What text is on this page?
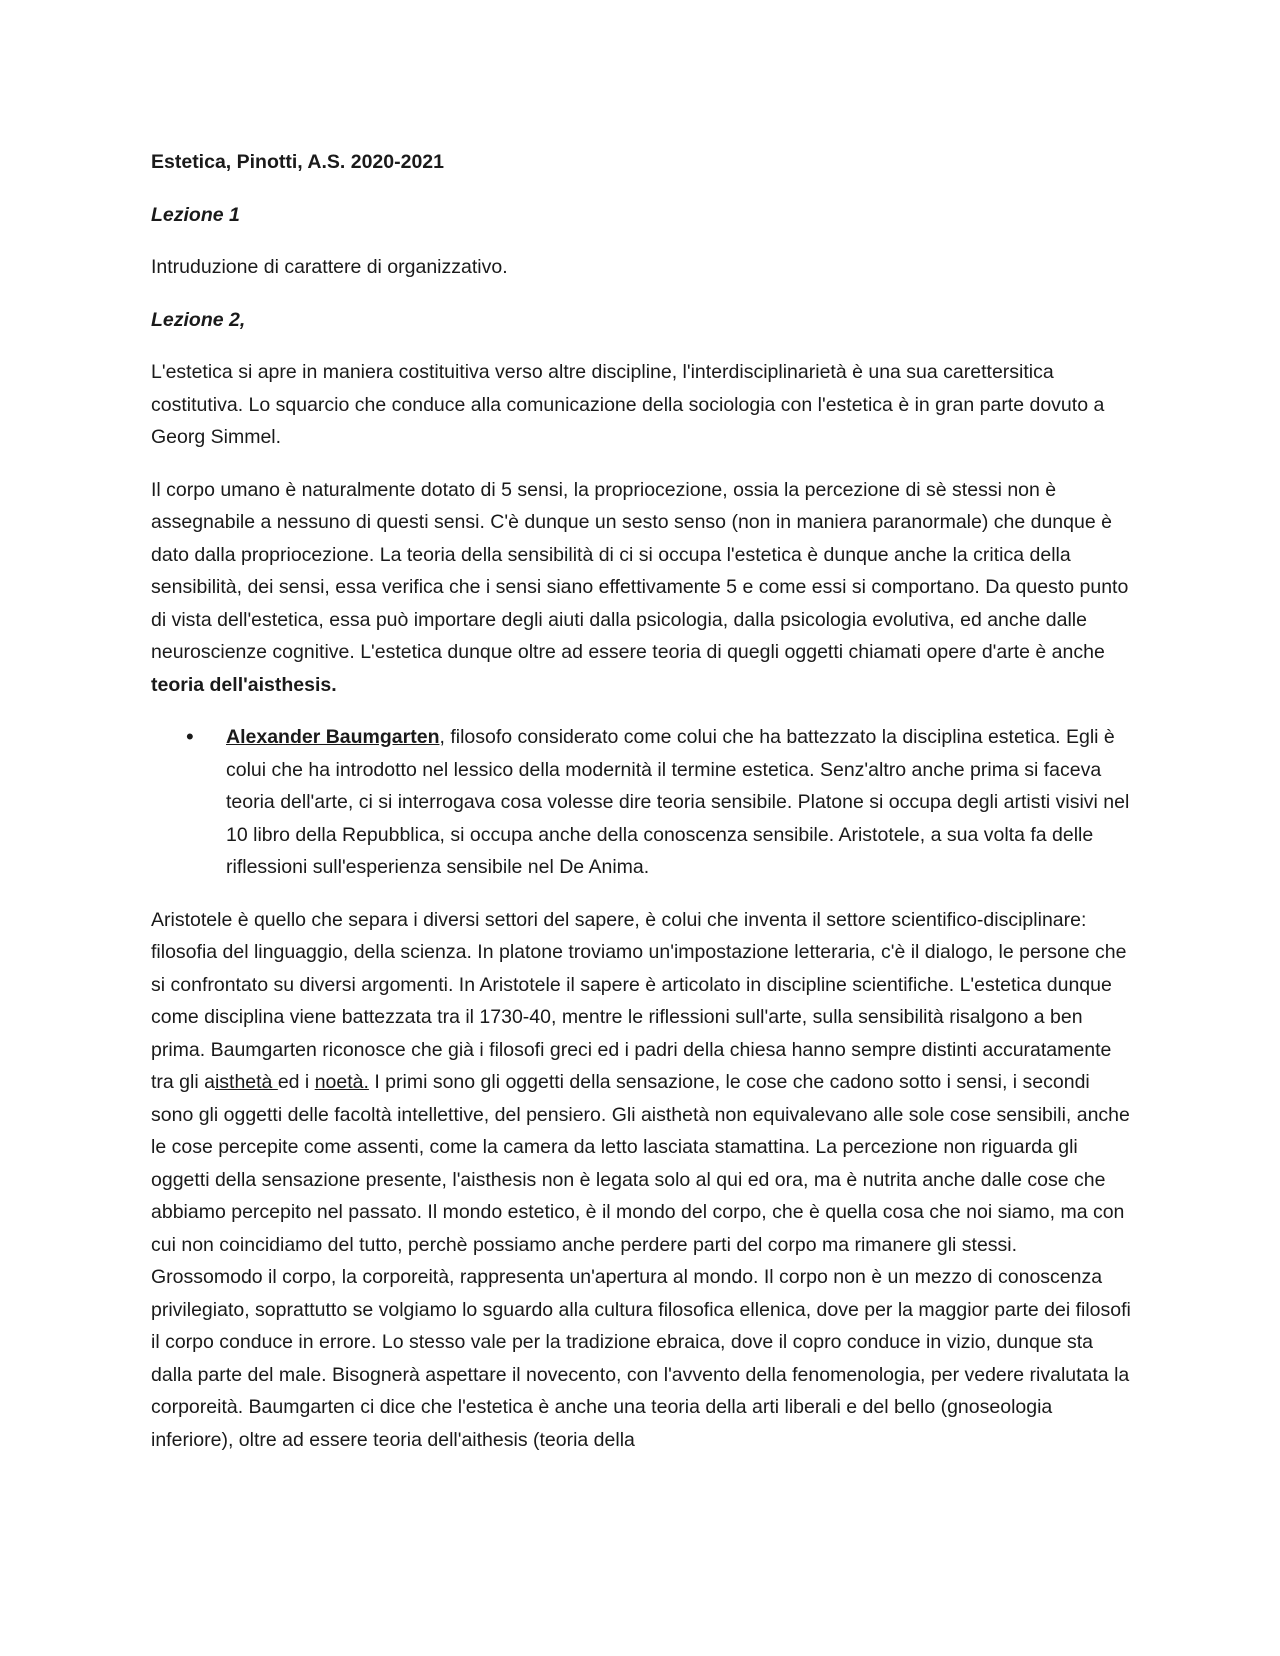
Estetica, Pinotti, A.S. 2020-2021

Lezione 1

Intruduzione di carattere di organizzativo.

Lezione 2,

L'estetica si apre in maniera costituitiva verso altre discipline, l'interdisciplinarietà è una sua carettersitica costitutiva. Lo squarcio che conduce alla comunicazione della sociologia con l'estetica è in gran parte dovuto a Georg Simmel.

Il corpo umano è naturalmente dotato di 5 sensi, la propriocezione, ossia la percezione di sè stessi non è assegnabile a nessuno di questi sensi. C'è dunque un sesto senso (non in maniera paranormale) che dunque è dato dalla propriocezione. La teoria della sensibilità di ci si occupa l'estetica è dunque anche la critica della sensibilità, dei sensi, essa verifica che i sensi siano effettivamente 5 e come essi si comportano. Da questo punto di vista dell'estetica, essa può importare degli aiuti dalla psicologia, dalla psicologia evolutiva, ed anche dalle neuroscienze cognitive. L'estetica dunque oltre ad essere teoria di quegli oggetti chiamati opere d'arte è anche teoria dell'aisthesis.

• Alexander Baumgarten, filosofo considerato come colui che ha battezzato la disciplina estetica. Egli è colui che ha introdotto nel lessico della modernità il termine estetica. Senz'altro anche prima si faceva teoria dell'arte, ci si interrogava cosa volesse dire teoria sensibile. Platone si occupa degli artisti visivi nel 10 libro della Repubblica, si occupa anche della conoscenza sensibile. Aristotele, a sua volta fa delle riflessioni sull'esperienza sensibile nel De Anima.

Aristotele è quello che separa i diversi settori del sapere, è colui che inventa il settore scientifico-disciplinare: filosofia del linguaggio, della scienza. In platone troviamo un'impostazione letteraria, c'è il dialogo, le persone che si confrontato su diversi argomenti. In Aristotele il sapere è articolato in discipline scientifiche. L'estetica dunque come disciplina viene battezzata tra il 1730-40, mentre le riflessioni sull'arte, sulla sensibilità risalgono a ben prima. Baumgarten riconosce che già i filosofi greci ed i padri della chiesa hanno sempre distinti accuratamente tra gli aisthetà ed i noetà. I primi sono gli oggetti della sensazione, le cose che cadono sotto i sensi, i secondi sono gli oggetti delle facoltà intellettive, del pensiero. Gli aisthetà non equivalevano alle sole cose sensibili, anche le cose percepite come assenti, come la camera da letto lasciata stamattina. La percezione non riguarda gli oggetti della sensazione presente, l'aisthesis non è legata solo al qui ed ora, ma è nutrita anche dalle cose che abbiamo percepito nel passato. Il mondo estetico, è il mondo del corpo, che è quella cosa che noi siamo, ma con cui non coincidiamo del tutto, perchè possiamo anche perdere parti del corpo ma rimanere gli stessi. Grossomodo il corpo, la corporeità, rappresenta un'apertura al mondo. Il corpo non è un mezzo di conoscenza privilegiato, soprattutto se volgiamo lo sguardo alla cultura filosofica ellenica, dove per la maggior parte dei filosofi il corpo conduce in errore. Lo stesso vale per la tradizione ebraica, dove il copro conduce in vizio, dunque sta dalla parte del male. Bisognerà aspettare il novecento, con l'avvento della fenomenologia, per vedere rivalutata la corporeità. Baumgarten ci dice che l'estetica è anche una teoria della arti liberali e del bello (gnoseologia inferiore), oltre ad essere teoria dell'aithesis (teoria della
